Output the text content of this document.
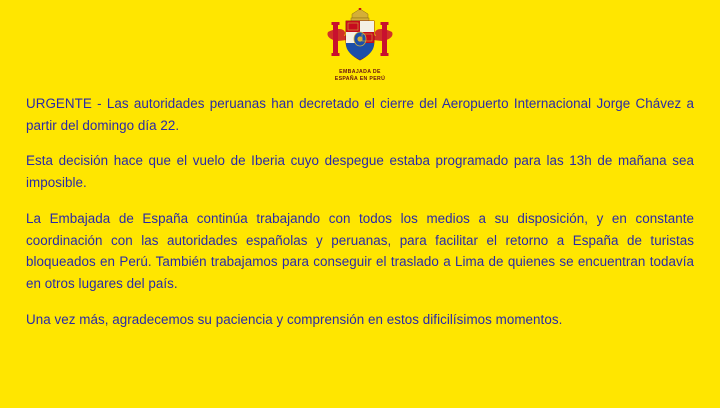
EMBAJADA DE
ESPAÑA EN PERÚ

URGENTE - Las autoridades peruanas han decretado el cierre del Aeropuerto Internacional Jorge Chávez a partir del domingo día 22.

Esta decisión hace que el vuelo de Iberia cuyo despegue estaba programado para las 13h de mañana sea imposible.

La Embajada de España continúa trabajando con todos los medios a su disposición, y en constante coordinación con las autoridades españolas y peruanas, para facilitar el retorno a España de turistas bloqueados en Perú. También trabajamos para conseguir el traslado a Lima de quienes se encuentran todavía en otros lugares del país.

Una vez más, agradecemos su paciencia y comprensión en estos dificilísimos momentos.
